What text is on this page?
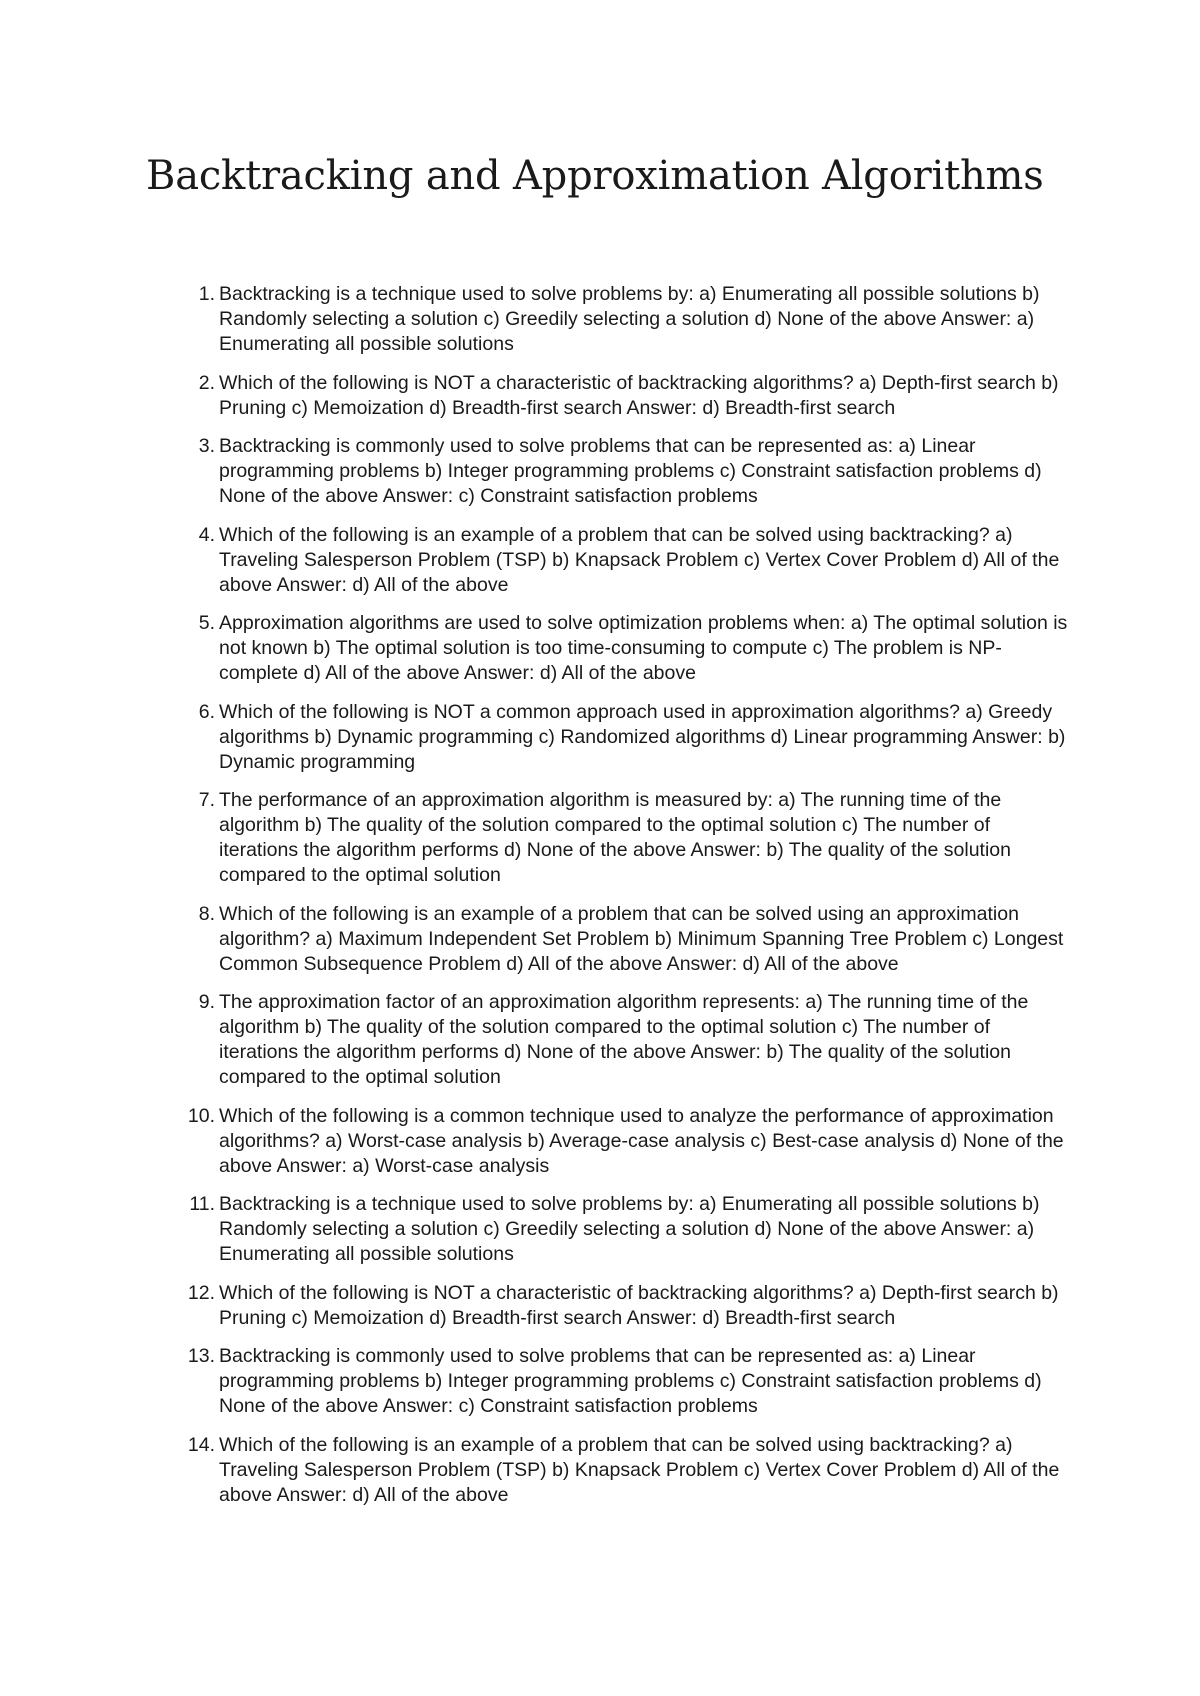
Backtracking and Approximation Algorithms
1. Backtracking is a technique used to solve problems by: a) Enumerating all possible solutions b) Randomly selecting a solution c) Greedily selecting a solution d) None of the above Answer: a) Enumerating all possible solutions
2. Which of the following is NOT a characteristic of backtracking algorithms? a) Depth-first search b) Pruning c) Memoization d) Breadth-first search Answer: d) Breadth-first search
3. Backtracking is commonly used to solve problems that can be represented as: a) Linear programming problems b) Integer programming problems c) Constraint satisfaction problems d) None of the above Answer: c) Constraint satisfaction problems
4. Which of the following is an example of a problem that can be solved using backtracking? a) Traveling Salesperson Problem (TSP) b) Knapsack Problem c) Vertex Cover Problem d) All of the above Answer: d) All of the above
5. Approximation algorithms are used to solve optimization problems when: a) The optimal solution is not known b) The optimal solution is too time-consuming to compute c) The problem is NP-complete d) All of the above Answer: d) All of the above
6. Which of the following is NOT a common approach used in approximation algorithms? a) Greedy algorithms b) Dynamic programming c) Randomized algorithms d) Linear programming Answer: b) Dynamic programming
7. The performance of an approximation algorithm is measured by: a) The running time of the algorithm b) The quality of the solution compared to the optimal solution c) The number of iterations the algorithm performs d) None of the above Answer: b) The quality of the solution compared to the optimal solution
8. Which of the following is an example of a problem that can be solved using an approximation algorithm? a) Maximum Independent Set Problem b) Minimum Spanning Tree Problem c) Longest Common Subsequence Problem d) All of the above Answer: d) All of the above
9. The approximation factor of an approximation algorithm represents: a) The running time of the algorithm b) The quality of the solution compared to the optimal solution c) The number of iterations the algorithm performs d) None of the above Answer: b) The quality of the solution compared to the optimal solution
10. Which of the following is a common technique used to analyze the performance of approximation algorithms? a) Worst-case analysis b) Average-case analysis c) Best-case analysis d) None of the above Answer: a) Worst-case analysis
11. Backtracking is a technique used to solve problems by: a) Enumerating all possible solutions b) Randomly selecting a solution c) Greedily selecting a solution d) None of the above Answer: a) Enumerating all possible solutions
12. Which of the following is NOT a characteristic of backtracking algorithms? a) Depth-first search b) Pruning c) Memoization d) Breadth-first search Answer: d) Breadth-first search
13. Backtracking is commonly used to solve problems that can be represented as: a) Linear programming problems b) Integer programming problems c) Constraint satisfaction problems d) None of the above Answer: c) Constraint satisfaction problems
14. Which of the following is an example of a problem that can be solved using backtracking? a) Traveling Salesperson Problem (TSP) b) Knapsack Problem c) Vertex Cover Problem d) All of the above Answer: d) All of the above
